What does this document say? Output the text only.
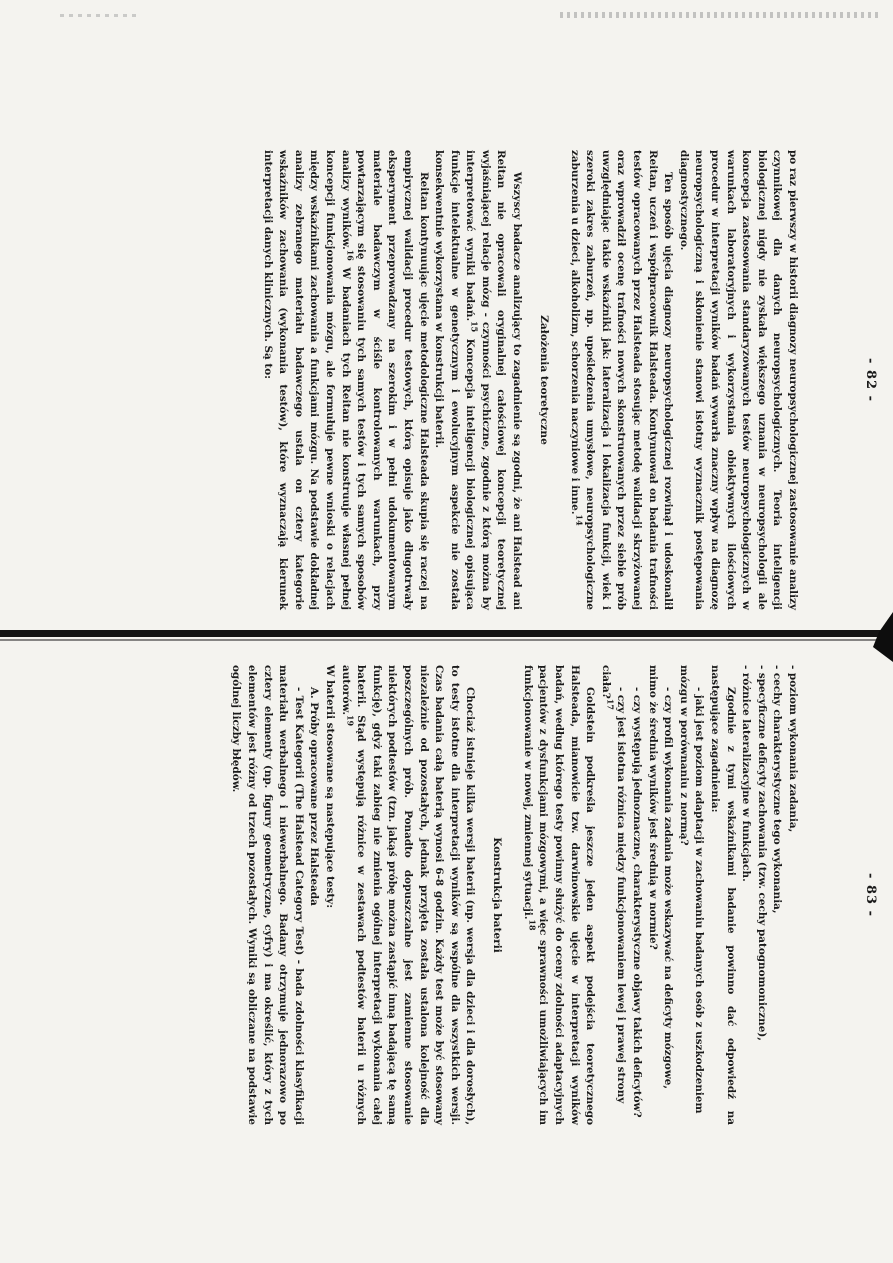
- 82 -

po raz pierwszy w historii diagnozy neuropsychologicznej zastosowanie analizy czynnikowej dla danych neuropsychologicznych. Teoria inteligencji biologicznej nigdy nie zyskała większego uznania w neuropsychologii ale koncepcja zastosowania standaryzowanych testów neuropsychologicznych w warunkach laboratoryjnych i wykorzystania obiektywnych ilościowych procedur w interpretacji wyników badań wywarła znaczny wpływ na diagnozę neuropsychologiczną i skłonienie stanowi istotny wyznacznik postępowania diagnostycznego.

Ten sposób ujęcia diagnozy neuropsychologicznej rozwinął i udoskonalił Reitan, uczeń i współpracownik Halsteada. Kontynuował on badania trafności testów opracowanych przez Halsteada stosując metodę walidacji skrzyżowanej oraz wprowadził ocenę trafności nowych skonstruowanych przez siebie prób uwzględniając takie wskaźniki jak: lateralizacja i lokalizacja funkcji, wiek i szeroki zakres zaburzeń, np. upośledzenia umysłowe, neuropsychologiczne zaburzenia u dzieci, alkoholizm, schorzenia naczyniowe i inne.$^{14}$

Założenia teoretyczne

Wszyscy badacze analizujący to zagadnienie są zgodni, że ani Halstead ani Reitan nie opracowali oryginalnej całościowej koncepcji teoretycznej wyjaśniającej relacje mózg - czynności psychiczne, zgodnie z którą można by interpretować wyniki badań.$^{15}$ Koncepcja inteligencji biologicznej opisująca funkcje intelektualne w genetycznym i ewolucyjnym aspekcie nie została konsekwentnie wykorzystana w konstrukcji baterii.

Reitan kontynuując ujęcie metodologiczne Halsteada skupia się raczej na empirycznej walidacji procedur testowych, którą opisuje jako długotrwały eksperyment przeprowadzany na szerokim i w pełni udokumentowanym materiale badawczym w ściśle kontrolowanych warunkach, przy powtarzającym się stosowaniu tych samych testów i tych samych sposobów analizy wyników.$^{16}$ W badaniach tych Reitan nie konstruuje własnej pełnej koncepcji funkcjonowania mózgu, ale formułuje pewne wnioski o relacjach między wskaźnikami zachowania a funkcjami mózgu. Na podstawie dokładnej analizy zebranego materiału badawczego ustala on cztery kategorie wskaźników zachowania (wykonania testów), które wyznaczają kierunek interpretacji danych klinicznych. Są to:

- 83 -

- poziom wykonania zadania,

- cechy charakterystyczne tego wykonania,

- specyficzne deficyty zachowania (tzw. cechy patognomoniczne),

- różnice lateralizacyjne w funkcjach.

Zgodnie z tymi wskaźnikami badanie powinno dać odpowiedź na następujące zagadnienia:

- jaki jest poziom adaptacji w zachowaniu badanych osób z uszkodzeniem mózgu w porównaniu z normą?

- czy profil wykonania zadania może wskazywać na deficyty mózgowe, mimo że średnia wyników jest średnią w normie?

- czy występują jednoznaczne, charakterystyczne objawy takich deficytów?

- czy jest istotna różnica między funkcjonowaniem lewej i prawej strony ciała?$^{17}$

Goldstein podkreśla jeszcze jeden aspekt podejścia teoretycznego Halsteada, mianowicie tzw. darwinowskie ujęcie w interpretacji wyników badań, według którego testy powinny służyć do oceny zdolności adaptacyjnych pacjentów z dysfunkcjami mózgowymi, a więc sprawności umożliwiających im funkcjonowanie w nowej, zmiennej sytuacji.$^{18}$

Konstrukcja baterii

Chociaż istnieje kilka wersji baterii (np. wersja dla dzieci i dla dorosłych), to testy istotne dla interpretacji wyników są wspólne dla wszystkich wersji. Czas badania całą baterią wynosi 6-8 godzin. Każdy test może być stosowany niezależnie od pozostałych, jednak przyjęta została ustalona kolejność dla poszczególnych prób. Ponadto dopuszczalne jest zamienne stosowanie niektórych podtestów (tzn. jakąś próbę można zastąpić inną badającą tę samą funkcję), gdyż taki zabieg nie zmienia ogólnej interpretacji wykonania całej baterii. Stąd występują różnice w zestawach podtestów baterii u różnych autorów.$^{19}$

W baterii stosowane są następujące testy:

A. Próby opracowane przez Halsteada

- Test Kategorii (The Halstead Category Test) - bada zdolności klasyfikacji materiału werbalnego i niewerbalnego. Badany otrzymuje jednorazowo po cztery elementy (np. figury geometryczne, cyfry) i ma określić, który z tych elementów jest różny od trzech pozostałych. Wyniki są obliczane na podstawie ogólnej liczby błędów.
